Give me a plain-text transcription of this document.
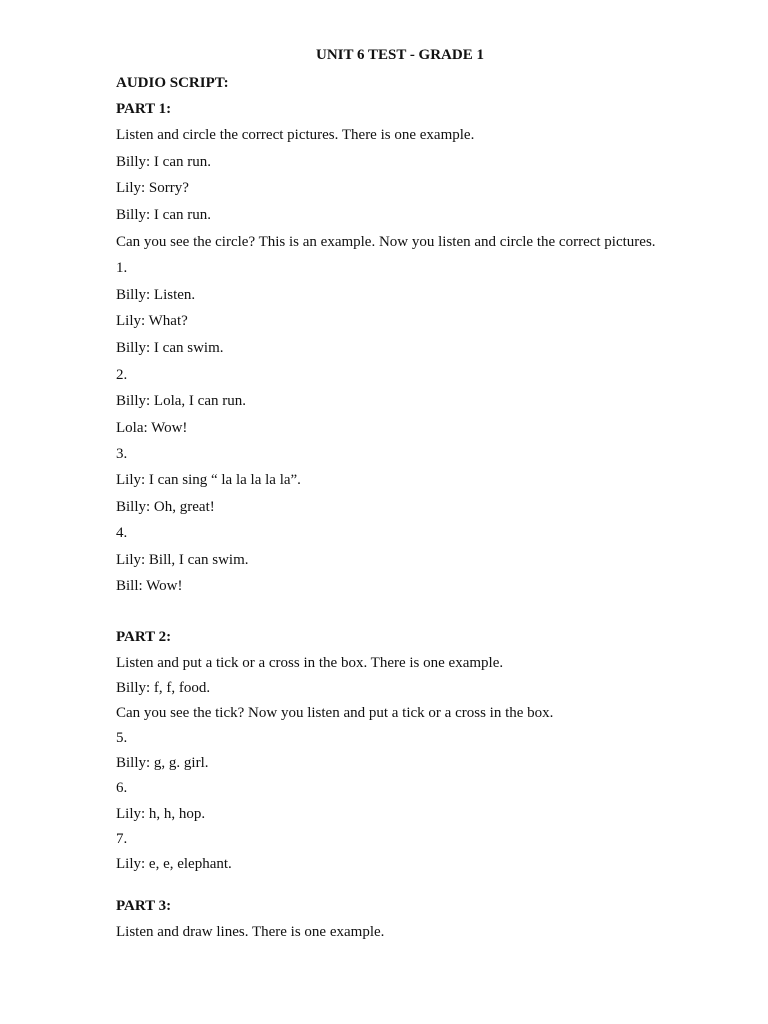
UNIT 6 TEST - GRADE 1
AUDIO SCRIPT:
PART 1:
Listen and circle the correct pictures. There is one example.
Billy: I can run.
Lily: Sorry?
Billy: I can run.
Can you see the circle? This is an example. Now you listen and circle the correct pictures.
1.
Billy: Listen.
Lily: What?
Billy: I can swim.
2.
Billy: Lola, I can run.
Lola: Wow!
3.
Lily: I can sing “ la la la la la”.
Billy: Oh, great!
4.
Lily: Bill, I can swim.
Bill: Wow!
PART 2:
Listen and put a tick or a cross in the box. There is one example.
Billy: f, f, food.
Can you see the tick? Now you listen and put a tick or a cross in the box.
5.
Billy: g, g. girl.
6.
Lily: h, h, hop.
7.
Lily: e, e, elephant.
PART 3:
Listen and draw lines. There is one example.
